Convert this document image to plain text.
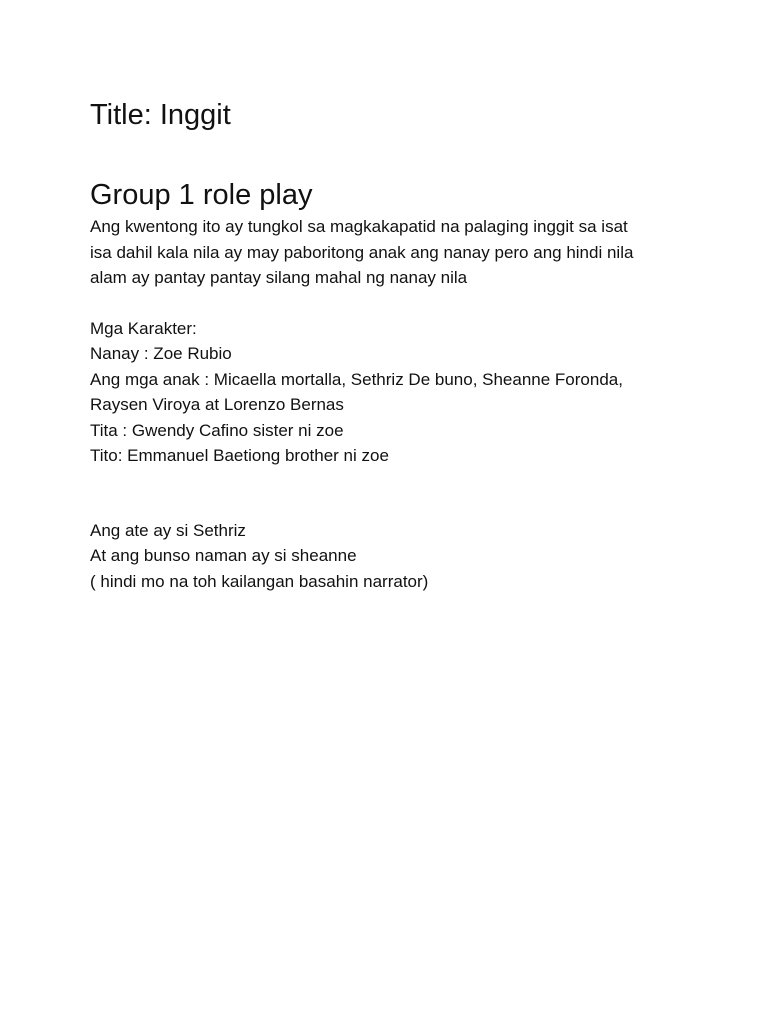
Title: Inggit
Group 1 role play
Ang kwentong ito ay tungkol sa magkakapatid na palaging inggit sa isat
isa dahil kala nila ay may paboritong anak ang nanay pero ang hindi nila
alam ay pantay pantay silang mahal ng nanay nila
Mga Karakter:
Nanay : Zoe Rubio
Ang mga anak : Micaella mortalla, Sethriz De buno, Sheanne Foronda,
Raysen Viroya at Lorenzo Bernas
Tita : Gwendy Cafino sister ni zoe
Tito: Emmanuel Baetiong brother ni zoe
Ang ate ay si Sethriz
At ang bunso naman ay si sheanne
( hindi mo na toh kailangan basahin narrator)
